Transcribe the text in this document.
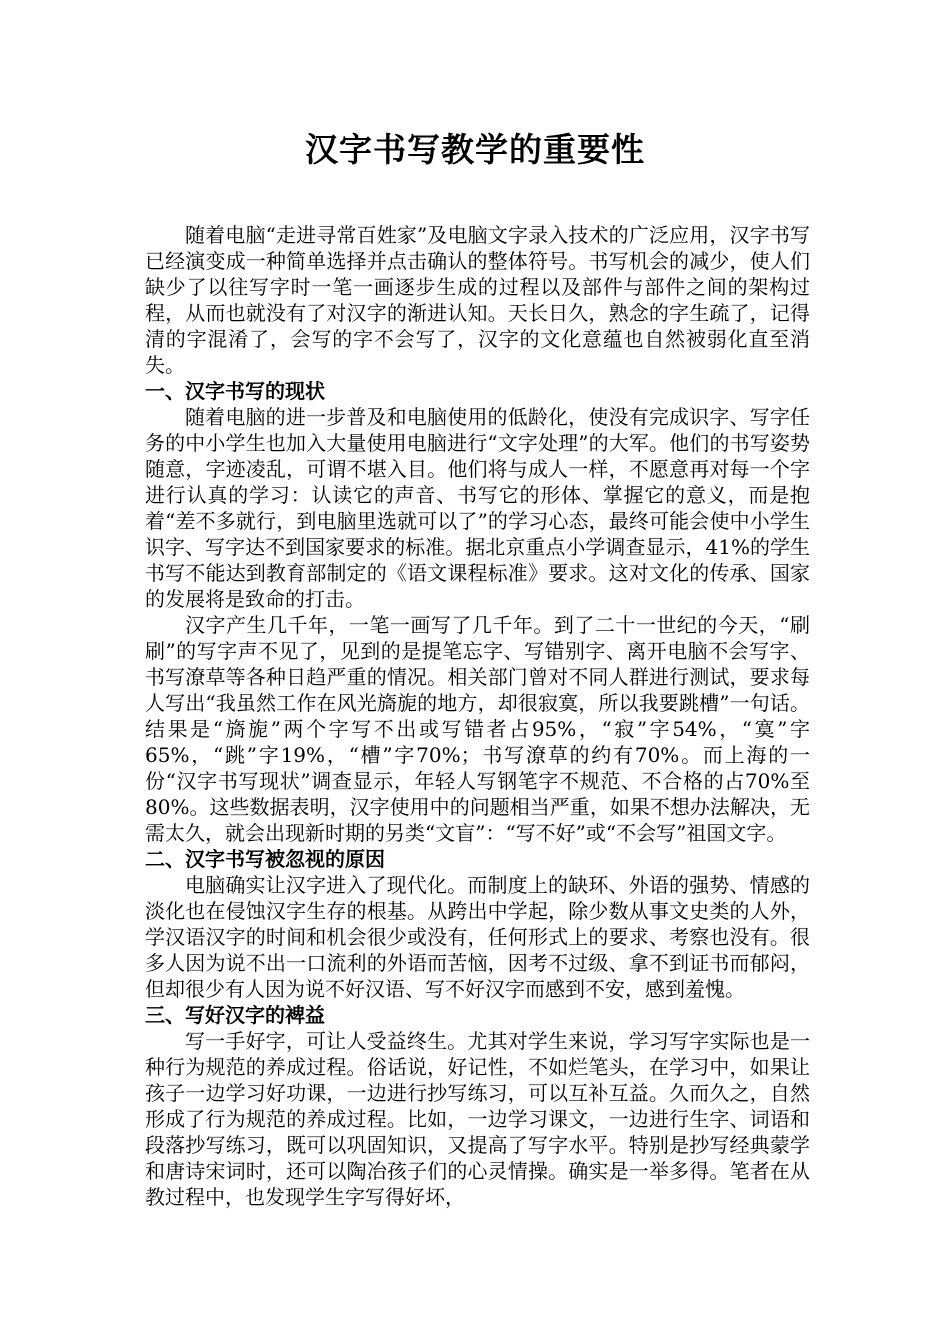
汉字书写教学的重要性

随着电脑“走进寻常百姓家”及电脑文字录入技术的广泛应用，汉字书写已经演变成一种简单选择并点击确认的整体符号。书写机会的减少，使人们缺少了以往写字时一笔一画逐步生成的过程以及部件与部件之间的架构过程，从而也就没有了对汉字的渐进认知。天长日久，熟念的字生疏了，记得清的字混淆了，会写的字不会写了，汉字的文化意蕴也自然被弱化直至消失。

一、汉字书写的现状

随着电脑的进一步普及和电脑使用的低龄化，使没有完成识字、写字任务的中小学生也加入大量使用电脑进行“文字处理”的大军。他们的书写姿势随意，字迹凌乱，可谓不堪入目。他们将与成人一样，不愿意再对每一个字进行认真的学习：认读它的声音、书写它的形体、掌握它的意义，而是抱着“差不多就行，到电脑里选就可以了”的学习心态，最终可能会使中小学生识字、写字达不到国家要求的标准。据北京重点小学调查显示，41%的学生书写不能达到教育部制定的《语文课程标准》要求。这对文化的传承、国家的发展将是致命的打击。

汉字产生几千年，一笔一画写了几千年。到了二十一世纪的今天，“刷刷”的写字声不见了，见到的是提笔忘字、写错别字、离开电脑不会写字、书写潦草等各种日趋严重的情况。相关部门曾对不同人群进行测试，要求每人写出“我虽然工作在风光旖旎的地方，却很寂寞，所以我要跳槽”一句话。结果是“旖旎”两个字写不出或写错者占95%，“寂”字54%，“寞”字65%，“跳”字19%，“槽”字70%；书写潦草的约有70%。而上海的一份“汉字书写现状”调查显示，年轻人写钢笔字不规范、不合格的占70%至80%。这些数据表明，汉字使用中的问题相当严重，如果不想办法解决，无需太久，就会出现新时期的另类“文盲”：“写不好”或“不会写”祖国文字。

二、汉字书写被忽视的原因

电脑确实让汉字进入了现代化。而制度上的缺环、外语的强势、情感的淡化也在侵蚀汉字生存的根基。从跨出中学起，除少数从事文史类的人外，学汉语汉字的时间和机会很少或没有，任何形式上的要求、考察也没有。很多人因为说不出一口流利的外语而苦恼，因考不过级、拿不到证书而郁闷，但却很少有人因为说不好汉语、写不好汉字而感到不安，感到羞愧。

三、写好汉字的裨益

写一手好字，可让人受益终生。尤其对学生来说，学习写字实际也是一种行为规范的养成过程。俗话说，好记性，不如烂笔头，在学习中，如果让孩子一边学习好功课，一边进行抄写练习，可以互补互益。久而久之，自然形成了行为规范的养成过程。比如，一边学习课文，一边进行生字、词语和段落抄写练习，既可以巩固知识，又提高了写字水平。特别是抄写经典蒙学和唐诗宋词时，还可以陶冶孩子们的心灵情操。确实是一举多得。笔者在从教过程中，也发现学生字写得好坏，
